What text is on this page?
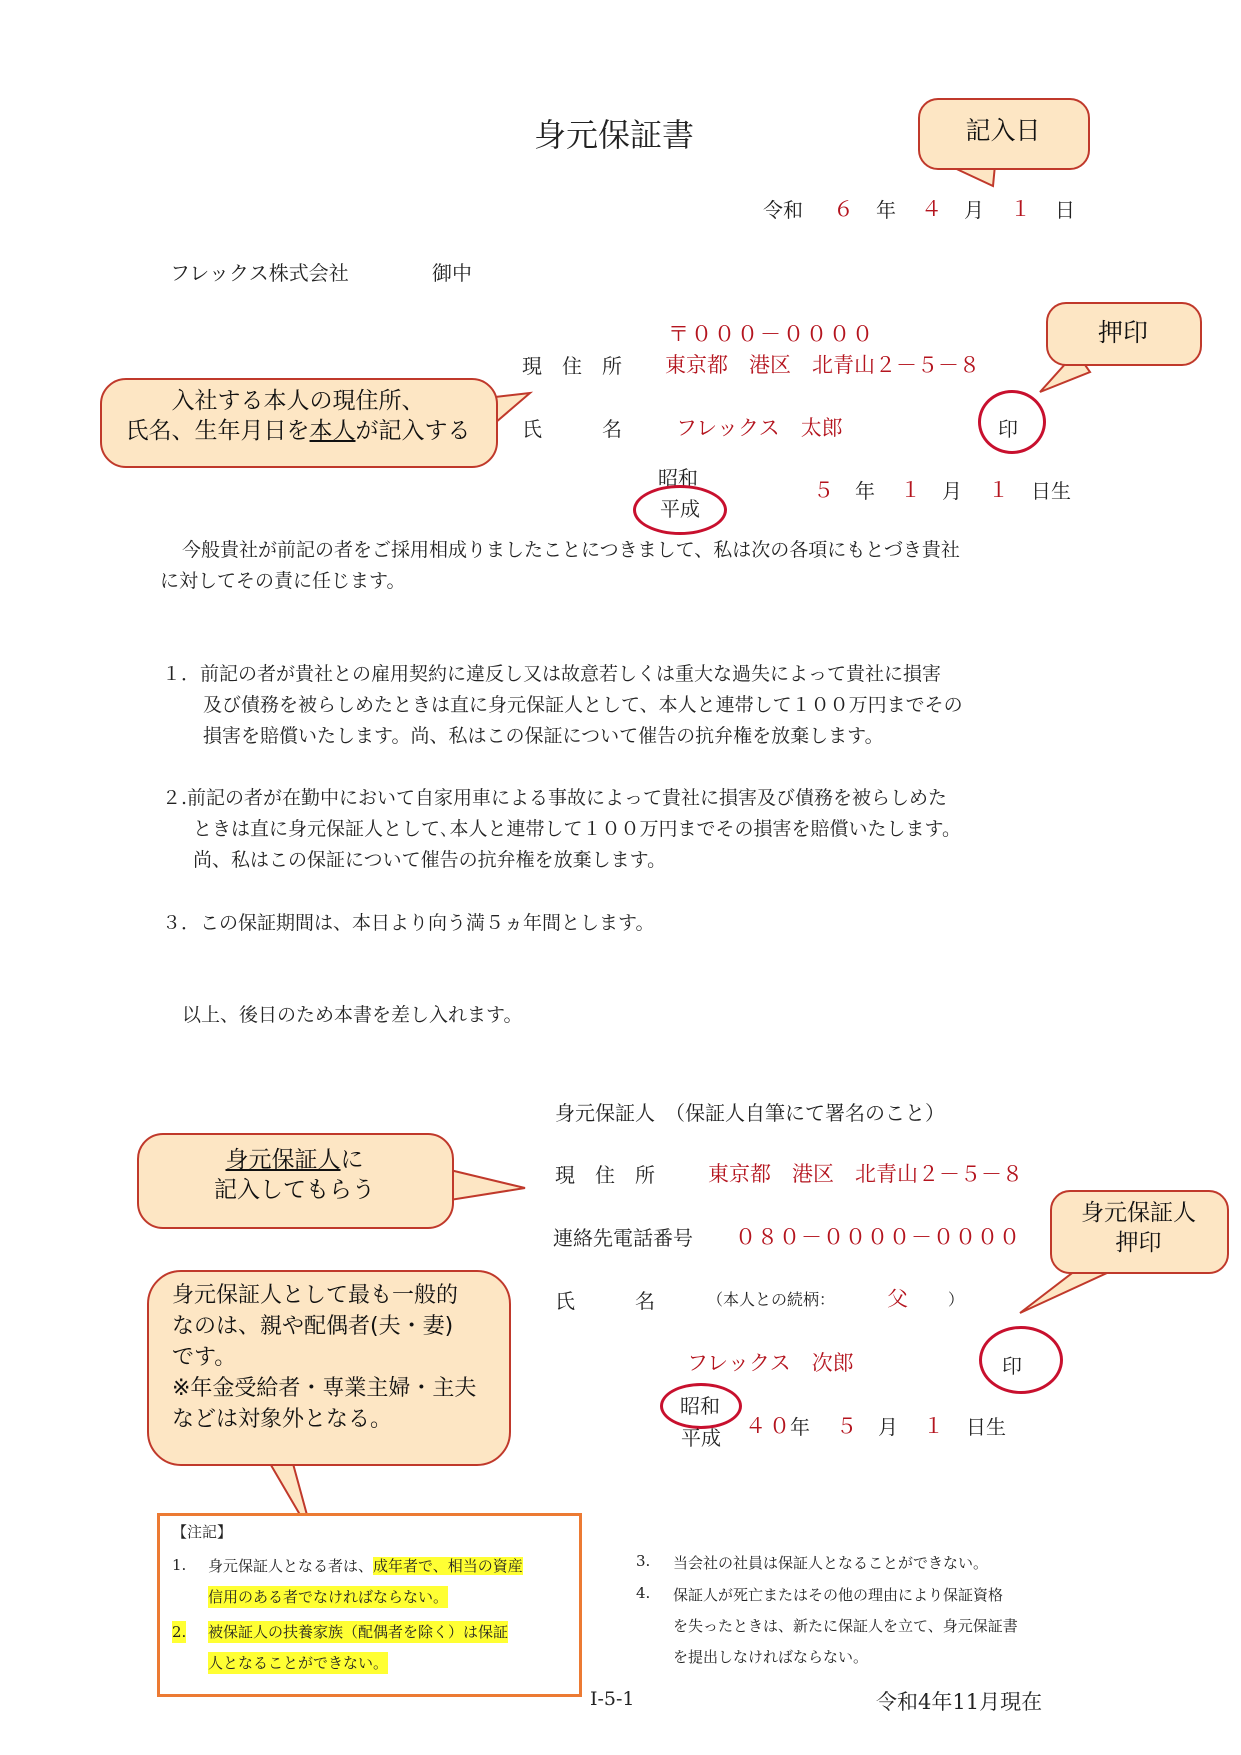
記入日
押印
入社する本人の現住所、
氏名、生年月日を本人が記入する
身元保証人に
記入してもらう
身元保証人
押印
身元保証人として最も一般的
なのは、親や配偶者(夫・妻)
です。
※年金受給者・専業主婦・主夫
などは対象外となる。
身元保証書
令和 ６ 年 ４ 月 １ 日
フレックス株式会社	御中
〒０００－００００
現　住　所 東京都　港区　北青山２－５－８
氏　　　名	フレックス　太郎	印
昭和
平成
５ 年 １ 月 １ 日生
今般貴社が前記の者をご採用相成りましたことにつきまして、私は次の各項にもとづき貴社
に対してその責に任じます。
１．前記の者が貴社との雇用契約に違反し又は故意若しくは重大な過失によって貴社に損害
及び債務を被らしめたときは直に身元保証人として、本人と連帯して１００万円までその
損害を賠償いたします。尚、私はこの保証について催告の抗弁権を放棄します。
２.前記の者が在勤中において自家用車による事故によって貴社に損害及び債務を被らしめた
ときは直に身元保証人として､本人と連帯して１００万円までその損害を賠償いたします。
尚、私はこの保証について催告の抗弁権を放棄します。
３．この保証期間は、本日より向う満５ヵ年間とします。
以上、後日のため本書を差し入れます。
身元保証人　（保証人自筆にて署名のこと）
現　住　所	東京都　港区　北青山２－５－８
連絡先電話番号 ０８０－００００－００００
氏　　　名	（本人との続柄： 父	）
フレックス　次郎	印
昭和
平成 ４０
年 ５ 月 １ 日生
【注記】
1. 身元保証人となる者は、成年者で、相当の資産
信用のある者でなければならない。
2. 被保証人の扶養家族（配偶者を除く）は保証
人となることができない。
3. 当会社の社員は保証人となることができない。
4. 保証人が死亡またはその他の理由により保証資格
を失ったときは、新たに保証人を立て、身元保証書
を提出しなければならない。
Ⅰ-5-1	令和4年11月現在
